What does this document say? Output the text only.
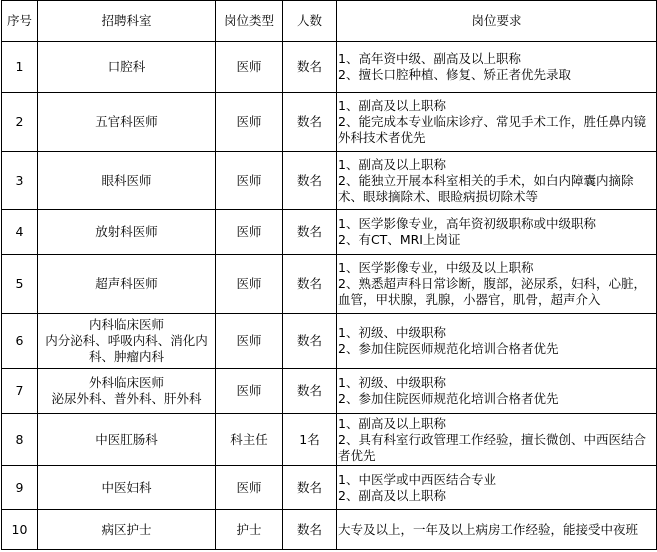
序号	招聘科室	岗位类型	人数	岗位要求
1	口腔科	医师	数名	1、高年资中级、副高及以上职称
2、擅长口腔种植、修复、矫正者优先录取

2	五官科医师	医师	数名	1、副高及以上职称
2、能完成本专业临床诊疗、常见手术工作，胜任鼻内镜外科技术者优先

3	眼科医师	医师	数名	1、副高及以上职称
2、能独立开展本科室相关的手术，如白内障囊内摘除术、眼球摘除术、眼睑病损切除术等

4	放射科医师	医师	数名	1、医学影像专业，高年资初级职称或中级职称
2、有CT、MRI上岗证

5	超声科医师	医师	数名	1、医学影像专业，中级及以上职称
2、熟悉超声科日常诊断，腹部，泌尿系，妇科，心脏，血管，甲状腺，乳腺，小器官，肌骨，超声介入

6	内科临床医师
内分泌科、呼吸内科、消化内科、肿瘤内科	医师	数名	1、初级、中级职称
2、参加住院医师规范化培训合格者优先

7	外科临床医师
泌尿外科、普外科、肝外科	医师	数名	1、初级、中级职称
2、参加住院医师规范化培训合格者优先

8	中医肛肠科	科主任	1名	1、副高及以上职称
2、具有科室行政管理工作经验，擅长微创、中西医结合者优先

9	中医妇科	医师	数名	1、中医学或中西医结合专业
2、副高及以上职称

10	病区护士	护士	数名	大专及以上，一年及以上病房工作经验，能接受中夜班
